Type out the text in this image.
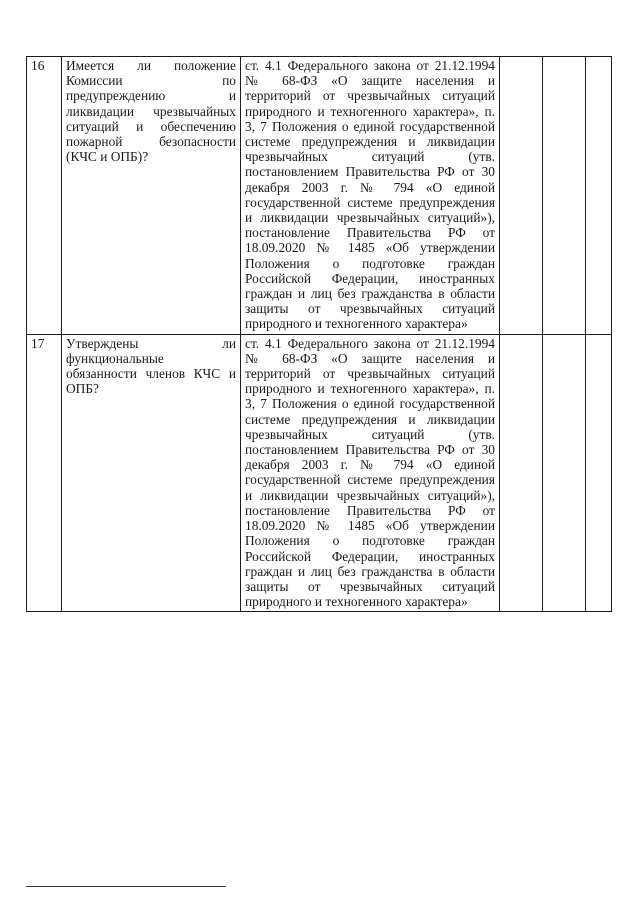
16	Имеется ли положение Комиссии по предупреждению и ликвидации чрезвычайных ситуаций и обеспечению пожарной безопасности (КЧС и ОПБ)?	ст. 4.1 Федерального закона от 21.12.1994 № 68-ФЗ «О защите населения и территорий от чрезвычайных ситуаций природного и техногенного характера», п. 3, 7 Положения о единой государственной системе предупреждения и ликвидации чрезвычайных ситуаций (утв. постановлением Правительства РФ от 30 декабря 2003 г. № 794 «О единой государственной системе предупреждения и ликвидации чрезвычайных ситуаций»), постановление Правительства РФ от 18.09.2020 № 1485 «Об утверждении Положения о подготовке граждан Российской Федерации, иностранных граждан и лиц без гражданства в области защиты от чрезвычайных ситуаций природного и техногенного характера»			

17	Утверждены ли функциональные обязанности членов КЧС и ОПБ?	ст. 4.1 Федерального закона от 21.12.1994 № 68-ФЗ «О защите населения и территорий от чрезвычайных ситуаций природного и техногенного характера», п. 3, 7 Положения о единой государственной системе предупреждения и ликвидации чрезвычайных ситуаций (утв. постановлением Правительства РФ от 30 декабря 2003 г. № 794 «О единой государственной системе предупреждения и ликвидации чрезвычайных ситуаций»), постановление Правительства РФ от 18.09.2020 № 1485 «Об утверждении Положения о подготовке граждан Российской Федерации, иностранных граждан и лиц без гражданства в области защиты от чрезвычайных ситуаций природного и техногенного характера»			
